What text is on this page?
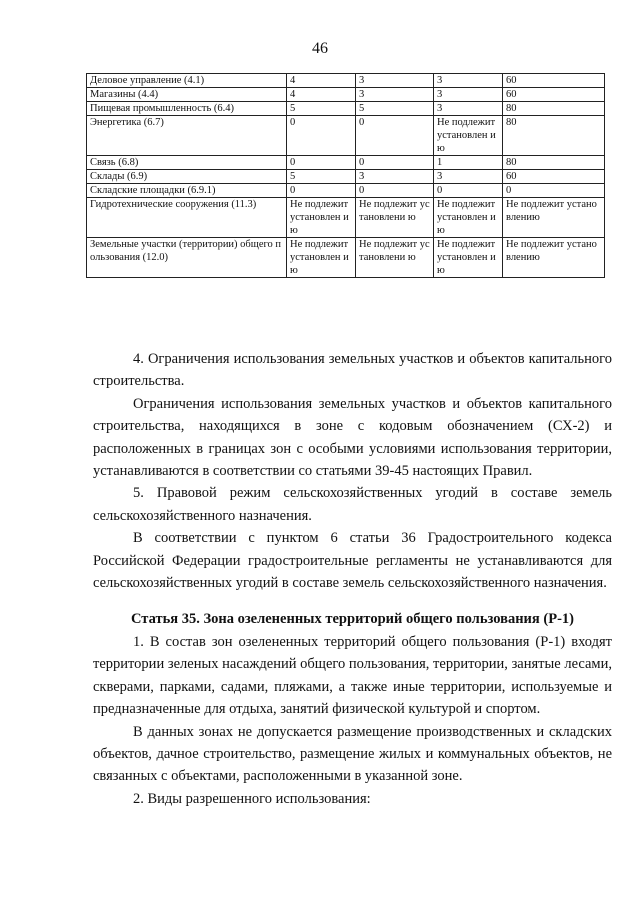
46
Деловое управление (4.1)	4	3	3	60
Магазины (4.4)	4	3	3	60
Пищевая промышленность (6.4)	5	5	3	80
Энергетика (6.7)	0	0	Не подлежит установлен ию	80
Связь (6.8)	0	0	1	80
Склады (6.9)	5	3	3	60
Складские площадки (6.9.1)	0	0	0	0
Гидротехнические сооружения (11.3)	Не подлежит установлен ию	Не подлежит установлени ю	Не подлежит установлен ию	Не подлежит установлению
Земельные участки (территории) общего пользования (12.0)	Не подлежит установлен ию	Не подлежит установлени ю	Не подлежит установлен ию	Не подлежит установлению

4. Ограничения использования земельных участков и объектов капитального строительства.

Ограничения использования земельных участков и объектов капитального строительства, находящихся в зоне с кодовым обозначением (СХ-2) и расположенных в границах зон с особыми условиями использования территории, устанавливаются в соответствии со статьями 39-45 настоящих Правил.

5. Правовой режим сельскохозяйственных угодий в составе земель сельскохозяйственного назначения.

В соответствии с пунктом 6 статьи 36 Градостроительного кодекса Российской Федерации градостроительные регламенты не устанавливаются для сельскохозяйственных угодий в составе земель сельскохозяйственного назначения.

Статья 35. Зона озелененных территорий общего пользования (Р-1)

1. В состав зон озелененных территорий общего пользования (Р-1) входят территории зеленых насаждений общего пользования, территории, занятые лесами, скверами, парками, садами, пляжами, а также иные территории, используемые и предназначенные для отдыха, занятий физической культурой и спортом.

В данных зонах не допускается размещение производственных и складских объектов, дачное строительство, размещение жилых и коммунальных объектов, не связанных с объектами, расположенными в указанной зоне.

2. Виды разрешенного использования:
